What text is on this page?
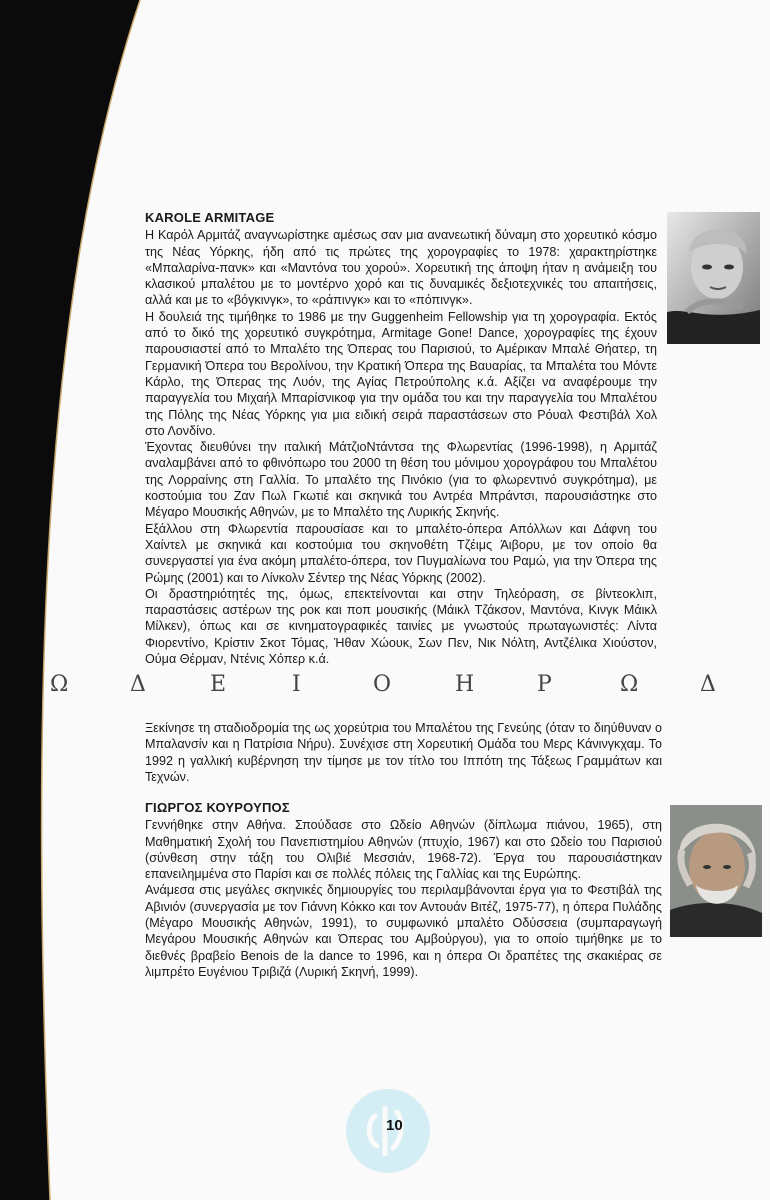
KAROLE ARMITAGE

Η Καρόλ Αρμιτάζ αναγνωρίστηκε αμέσως σαν μια ανανεωτική δύναμη στο χορευτικό κόσμο της Νέας Υόρκης, ήδη από τις πρώτες της χορογραφίες το 1978: χαρακτηρίστηκε «Μπαλαρίνα-πανκ» και «Μαντόνα του χορού». Χορευτική της άποψη ήταν η ανάμειξη του κλασικού μπαλέτου με το μοντέρνο χορό και τις δυναμικές δεξιοτεχνικές του απαιτήσεις, αλλά και με το «βόγκινγκ», το «ράπινγκ» και το «πόπινγκ».

Η δουλειά της τιμήθηκε το 1986 με την Guggenheim Fellowship για τη χορογραφία. Εκτός από το δικό της χορευτικό συγκρότημα, Armitage Gone! Dance, χορογραφίες της έχουν παρουσιαστεί από το Μπαλέτο της Όπερας του Παρισιού, το Αμέρικαν Μπαλέ Θήατερ, τη Γερμανική Όπερα του Βερολίνου, την Κρατική Όπερα της Βαυαρίας, τα Μπαλέτα του Μόντε Κάρλο, της Όπερας της Λυόν, της Αγίας Πετρούπολης κ.ά. Αξίζει να αναφέρουμε την παραγγελία του Μιχαήλ Μπαρίσνικοφ για την ομάδα του και την παραγγελία του Μπαλέτου της Πόλης της Νέας Υόρκης για μια ειδική σειρά παραστάσεων στο Ρόυαλ Φεστιβάλ Χολ στο Λονδίνο.

Έχοντας διευθύνει την ιταλική ΜάτζιοΝτάντσα της Φλωρεντίας (1996-1998), η Αρμιτάζ αναλαμβάνει από το φθινόπωρο του 2000 τη θέση του μόνιμου χορογράφου του Μπαλέτου της Λορραίνης στη Γαλλία. Το μπαλέτο της Πινόκιο (για το φλωρεντινό συγκρότημα), με κοστούμια του Ζαν Πωλ Γκωτιέ και σκηνικά του Αντρέα Μπράντσι, παρουσιάστηκε στο Μέγαρο Μουσικής Αθηνών, με το Μπαλέτο της Λυρικής Σκηνής.

Εξάλλου στη Φλωρεντία παρουσίασε και το μπαλέτο-όπερα Απόλλων και Δάφνη του Χαίντελ με σκηνικά και κοστούμια του σκηνοθέτη Τζέιμς Άιβορυ, με τον οποίο θα συνεργαστεί για ένα ακόμη μπαλέτο-όπερα, τον Πυγμαλίωνα του Ραμώ, για την Όπερα της Ρώμης (2001) και το Λίνκολν Σέντερ της Νέας Υόρκης (2002).

Οι δραστηριότητές της, όμως, επεκτείνονται και στην Τηλεόραση, σε βίντεοκλιπ, παραστάσεις αστέρων της ροκ και ποπ μουσικής (Μάικλ Τζάκσον, Μαντόνα, Κινγκ Μάικλ Μίλκεν), όπως και σε κινηματογραφικές ταινίες με γνωστούς πρωταγωνιστές: Λίντα Φιορεντίνο, Κρίστιν Σκοτ Τόμας, Ήθαν Χώουκ, Σων Πεν, Νικ Νόλτη, Αντζέλικα Χιούστον, Ούμα Θέρμαν, Ντένις Χόπερ κ.ά.

Ω	Δ	Ε	Ι	Ο	Η	Ρ	Ω	Δ

Ξεκίνησε τη σταδιοδρομία της ως χορεύτρια του Μπαλέτου της Γενεύης (όταν το διηύθυναν ο Μπαλανσίν και η Πατρίσια Νήρυ). Συνέχισε στη Χορευτική Ομάδα του Μερς Κάνινγκχαμ. Το 1992 η γαλλική κυβέρνηση την τίμησε με τον τίτλο του Ιππότη της Τάξεως Γραμμάτων και Τεχνών.

ΓΙΩΡΓΟΣ ΚΟΥΡΟΥΠΟΣ

Γεννήθηκε στην Αθήνα. Σπούδασε στο Ωδείο Αθηνών (δίπλωμα πιάνου, 1965), στη Μαθηματική Σχολή του Πανεπιστημίου Αθηνών (πτυχίο, 1967) και στο Ωδείο του Παρισιού (σύνθεση στην τάξη του Ολιβιέ Μεσσιάν, 1968-72). Έργα του παρουσιάστηκαν επανειλημμένα στο Παρίσι και σε πολλές πόλεις της Γαλλίας και της Ευρώπης.

Ανάμεσα στις μεγάλες σκηνικές δημιουργίες του περιλαμβάνονται έργα για το Φεστιβάλ της Αβινιόν (συνεργασία με τον Γιάννη Κόκκο και τον Αντουάν Βιτέζ, 1975-77), η όπερα Πυλάδης (Μέγαρο Μουσικής Αθηνών, 1991), το συμφωνικό μπαλέτο Οδύσσεια (συμπαραγωγή Μεγάρου Μουσικής Αθηνών και Όπερας του Αμβούργου), για το οποίο τιμήθηκε με το διεθνές βραβείο Benois de la dance το 1996, και η όπερα Οι δραπέτες της σκακιέρας σε λιμπρέτο Ευγένιου Τριβιζά (Λυρική Σκηνή, 1999).

10
